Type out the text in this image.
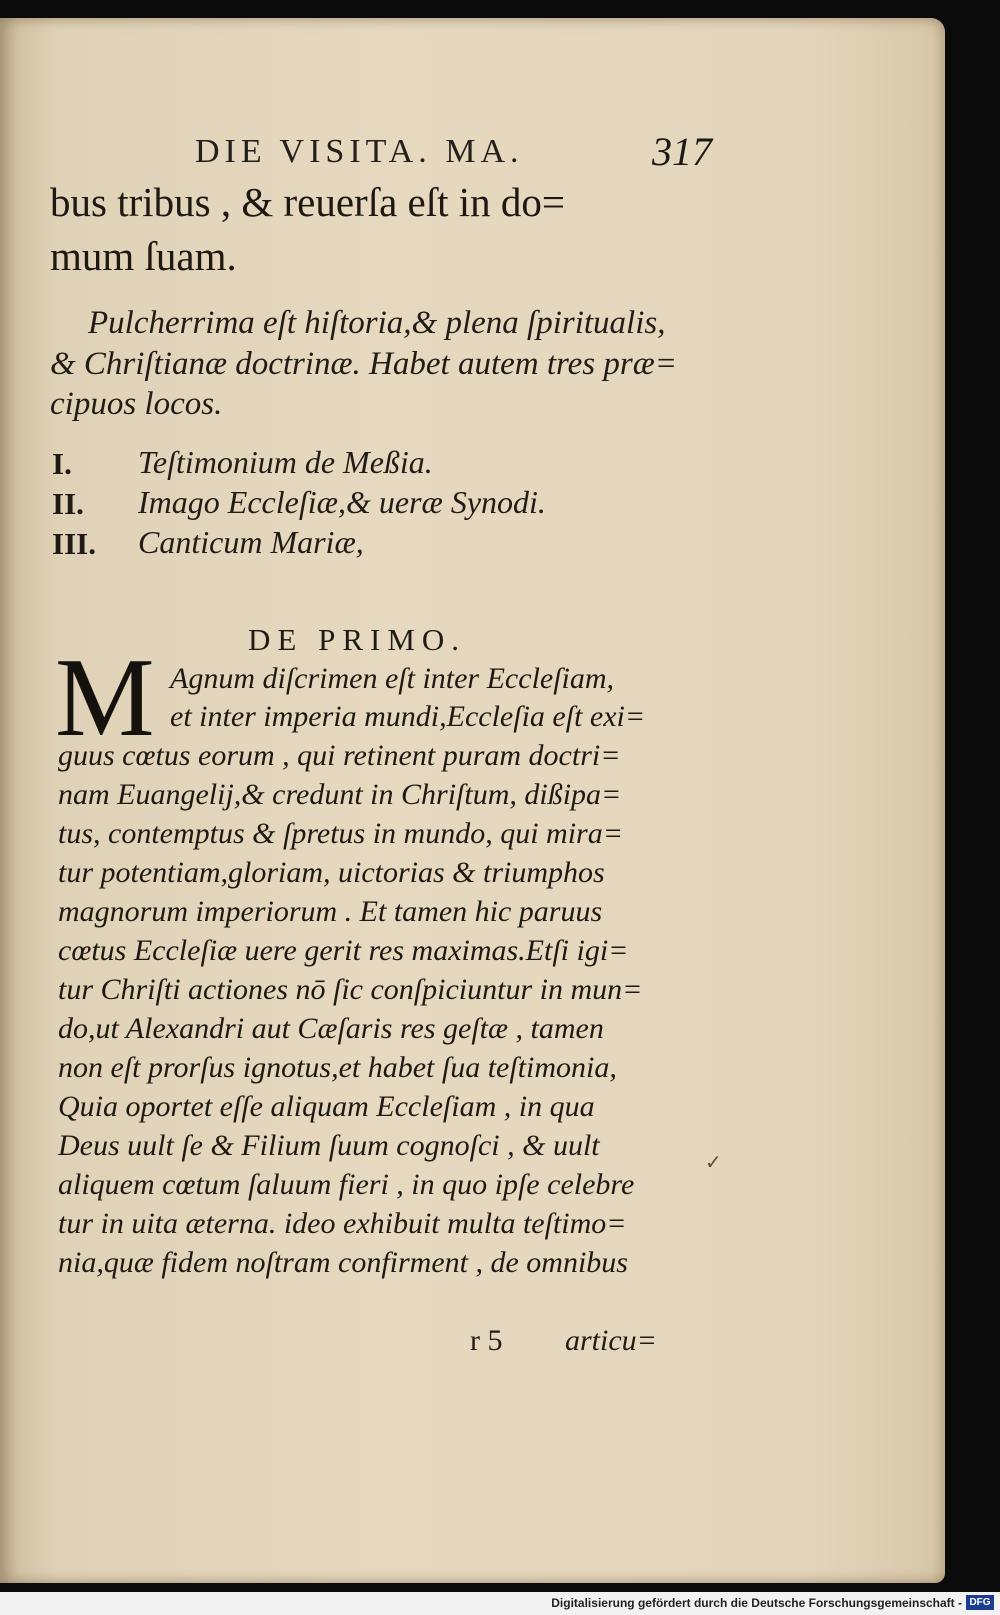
DIE VISITA. MA.	317
bus tribus , & reuerſa eſt in do=
mum ſuam.
Pulcherrima eſt hiſtoria,& plena ſpiritualis,
& Chriſtianæ doctrinæ. Habet autem tres præ=
cipuos locos.
I. Teſtimonium de Meßia.
II. Imago Eccleſiæ,& ueræ Synodi.
III. Canticum Mariæ,
DE PRIMO.
M Agnum diſcrimen eſt inter Eccleſiam,
et inter imperia mundi,Eccleſia eſt exi=
guus cœtus eorum , qui retinent puram doctri=
nam Euangelij,& credunt in Chriſtum, dißipa=
tus, contemptus & ſpretus in mundo, qui mira=
tur potentiam,gloriam, uictorias & triumphos
magnorum imperiorum . Et tamen hic paruus
cœtus Eccleſiæ uere gerit res maximas.Etſi igi=
tur Chriſti actiones nō ſic conſpiciuntur in mun=
do,ut Alexandri aut Cæſaris res geſtæ , tamen
non eſt prorſus ignotus,et habet ſua teſtimonia,
Quia oportet eſſe aliquam Eccleſiam , in qua
Deus uult ſe & Filium ſuum cognoſci , & uult
aliquem cœtum ſaluum fieri , in quo ipſe celebre
tur in uita æterna. ideo exhibuit multa teſtimo=
nia,quæ fidem noſtram confirment , de omnibus
✓
r 5 articu=
Digitalisierung gefördert durch die Deutsche Forschungsgemeinschaft - DFG
